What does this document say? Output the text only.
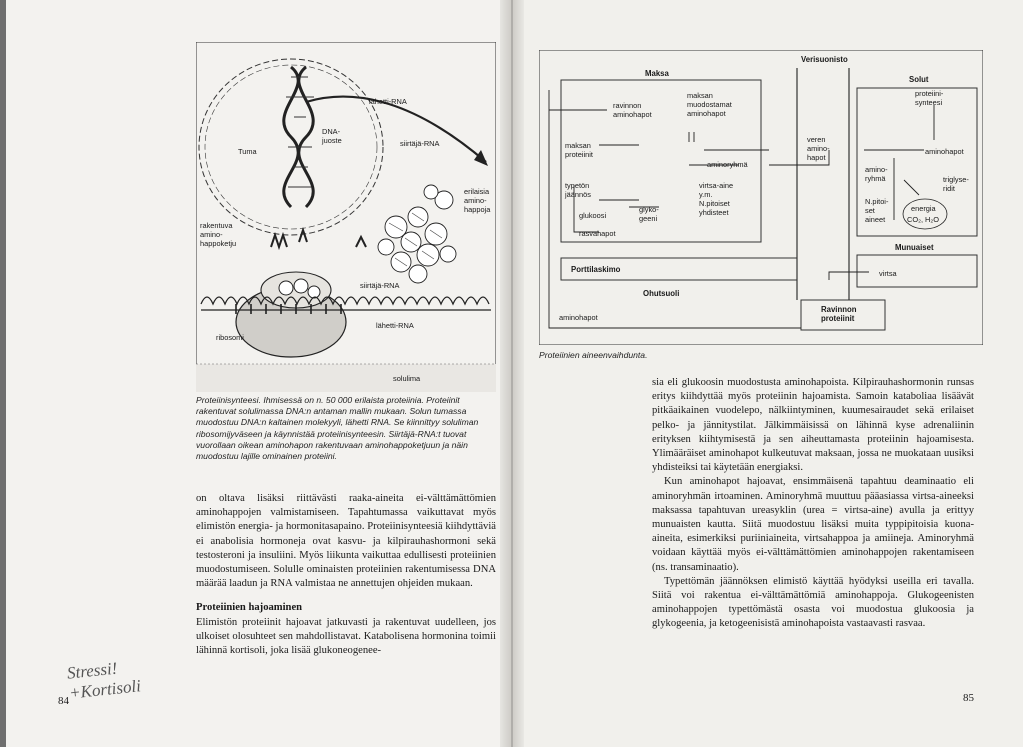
Tuma
lähetti-RNA
DNA-juoste	siirtäjä-RNA
erilaisia amino-happoja
rakentuva amino-happoketju
siirtäjä-RNA
ribosomi
lähetti-RNA
solulima
Proteiinisynteesi. Ihmisessä on n. 50 000 erilaista proteiinia. Proteiinit rakentuvat solulimassa DNA:n antaman mallin mukaan. Solun tumassa muodostuu DNA:n kaltainen molekyyli, lähetti RNA. Se kiinnittyy soluliman ribosomijyväseen ja käynnistää proteiinisynteesin. Siirtäjä-RNA:t tuovat vuorollaan oikean aminohapon rakentuvaan aminohappoketjuun ja näin muodostuu lajille ominainen proteiini.

on oltava lisäksi riittävästi raaka-aineita ei-välttämättömien aminohappojen valmistamiseen. Tapahtumassa vaikuttavat myös elimistön energia- ja hormonitasapaino. Proteiinisynteesiä kiihdyttäviä ei anabolisia hormoneja ovat kasvu- ja kilpirauhashormoni sekä testosteroni ja insuliini. Myös liikunta vaikuttaa edullisesti proteiinien muodostumiseen. Solulle ominaisten proteiinien rakentumisessa DNA määrää laadun ja RNA valmistaa ne annettujen ohjeiden mukaan.

Proteiinien hajoaminen

Elimistön proteiinit hajoavat jatkuvasti ja rakentuvat uudelleen, jos ulkoiset olosuhteet sen mahdollistavat. Katabolisena hormonina toimii lähinnä kortisoli, joka lisää glukoneogenee-

Stressi!
+Kortisoli
84
Verisuonisto
Maksa
Solut
Munuaiset
Porttilaskimo
Ohutsuoli
Ravinnon proteiinit
ravinnon aminohapot
maksan muodostamat aminohapot
maksan proteiinit
aminoryhmä
typetön jäännös
virtsa-aine y.m. N.pitoiset yhdisteet
glukoosi
glyko-geeni
rasvahapot
veren amino-hapot
proteiini-synteesi
aminohapot
amino-ryhmä	triglyse-ridit
N.pitoi-set aineet
energia
CO₂, H₂O
virtsa
aminohapot
Proteiinien aineenvaihdunta.

sia eli glukoosin muodostusta aminohapoista. Kilpirauhashormonin runsas eritys kiihdyttää myös proteiinin hajoamista. Samoin kataboliaa lisäävät pitkäaikainen vuodelepo, nälkiintyminen, kuumesairaudet sekä erilaiset pelko- ja jännitystilat. Jälkimmäisissä on lähinnä kyse adrenaliinin erityksen kiihtymisestä ja sen aiheuttamasta proteiinin hajoamisesta. Ylimääräiset aminohapot kulkeutuvat maksaan, jossa ne muokataan uusiksi yhdisteiksi tai käytetään energiaksi.

Kun aminohapot hajoavat, ensimmäisenä tapahtuu deaminaatio eli aminoryhmän irtoaminen. Aminoryhmä muuttuu pääasiassa virtsa-aineeksi maksassa tapahtuvan ureasyklin (urea = virtsa-aine) avulla ja erittyy munuaisten kautta. Siitä muodostuu lisäksi muita typpipitoisia kuona-aineita, esimerkiksi puriiniaineita, virtsahappoa ja amiineja. Aminoryhmä voidaan käyttää myös ei-välttämättömien aminohappojen rakentamiseen (ns. transaminaatio).

Typettömän jäännöksen elimistö käyttää hyödyksi useilla eri tavalla. Siitä voi rakentua ei-välttämättömiä aminohappoja. Glukogeenisten aminohappojen typettömästä osasta voi muodostua glukoosia ja glykogeenia, ja ketogeenisistä aminohapoista vastaavasti rasvaa.

85
